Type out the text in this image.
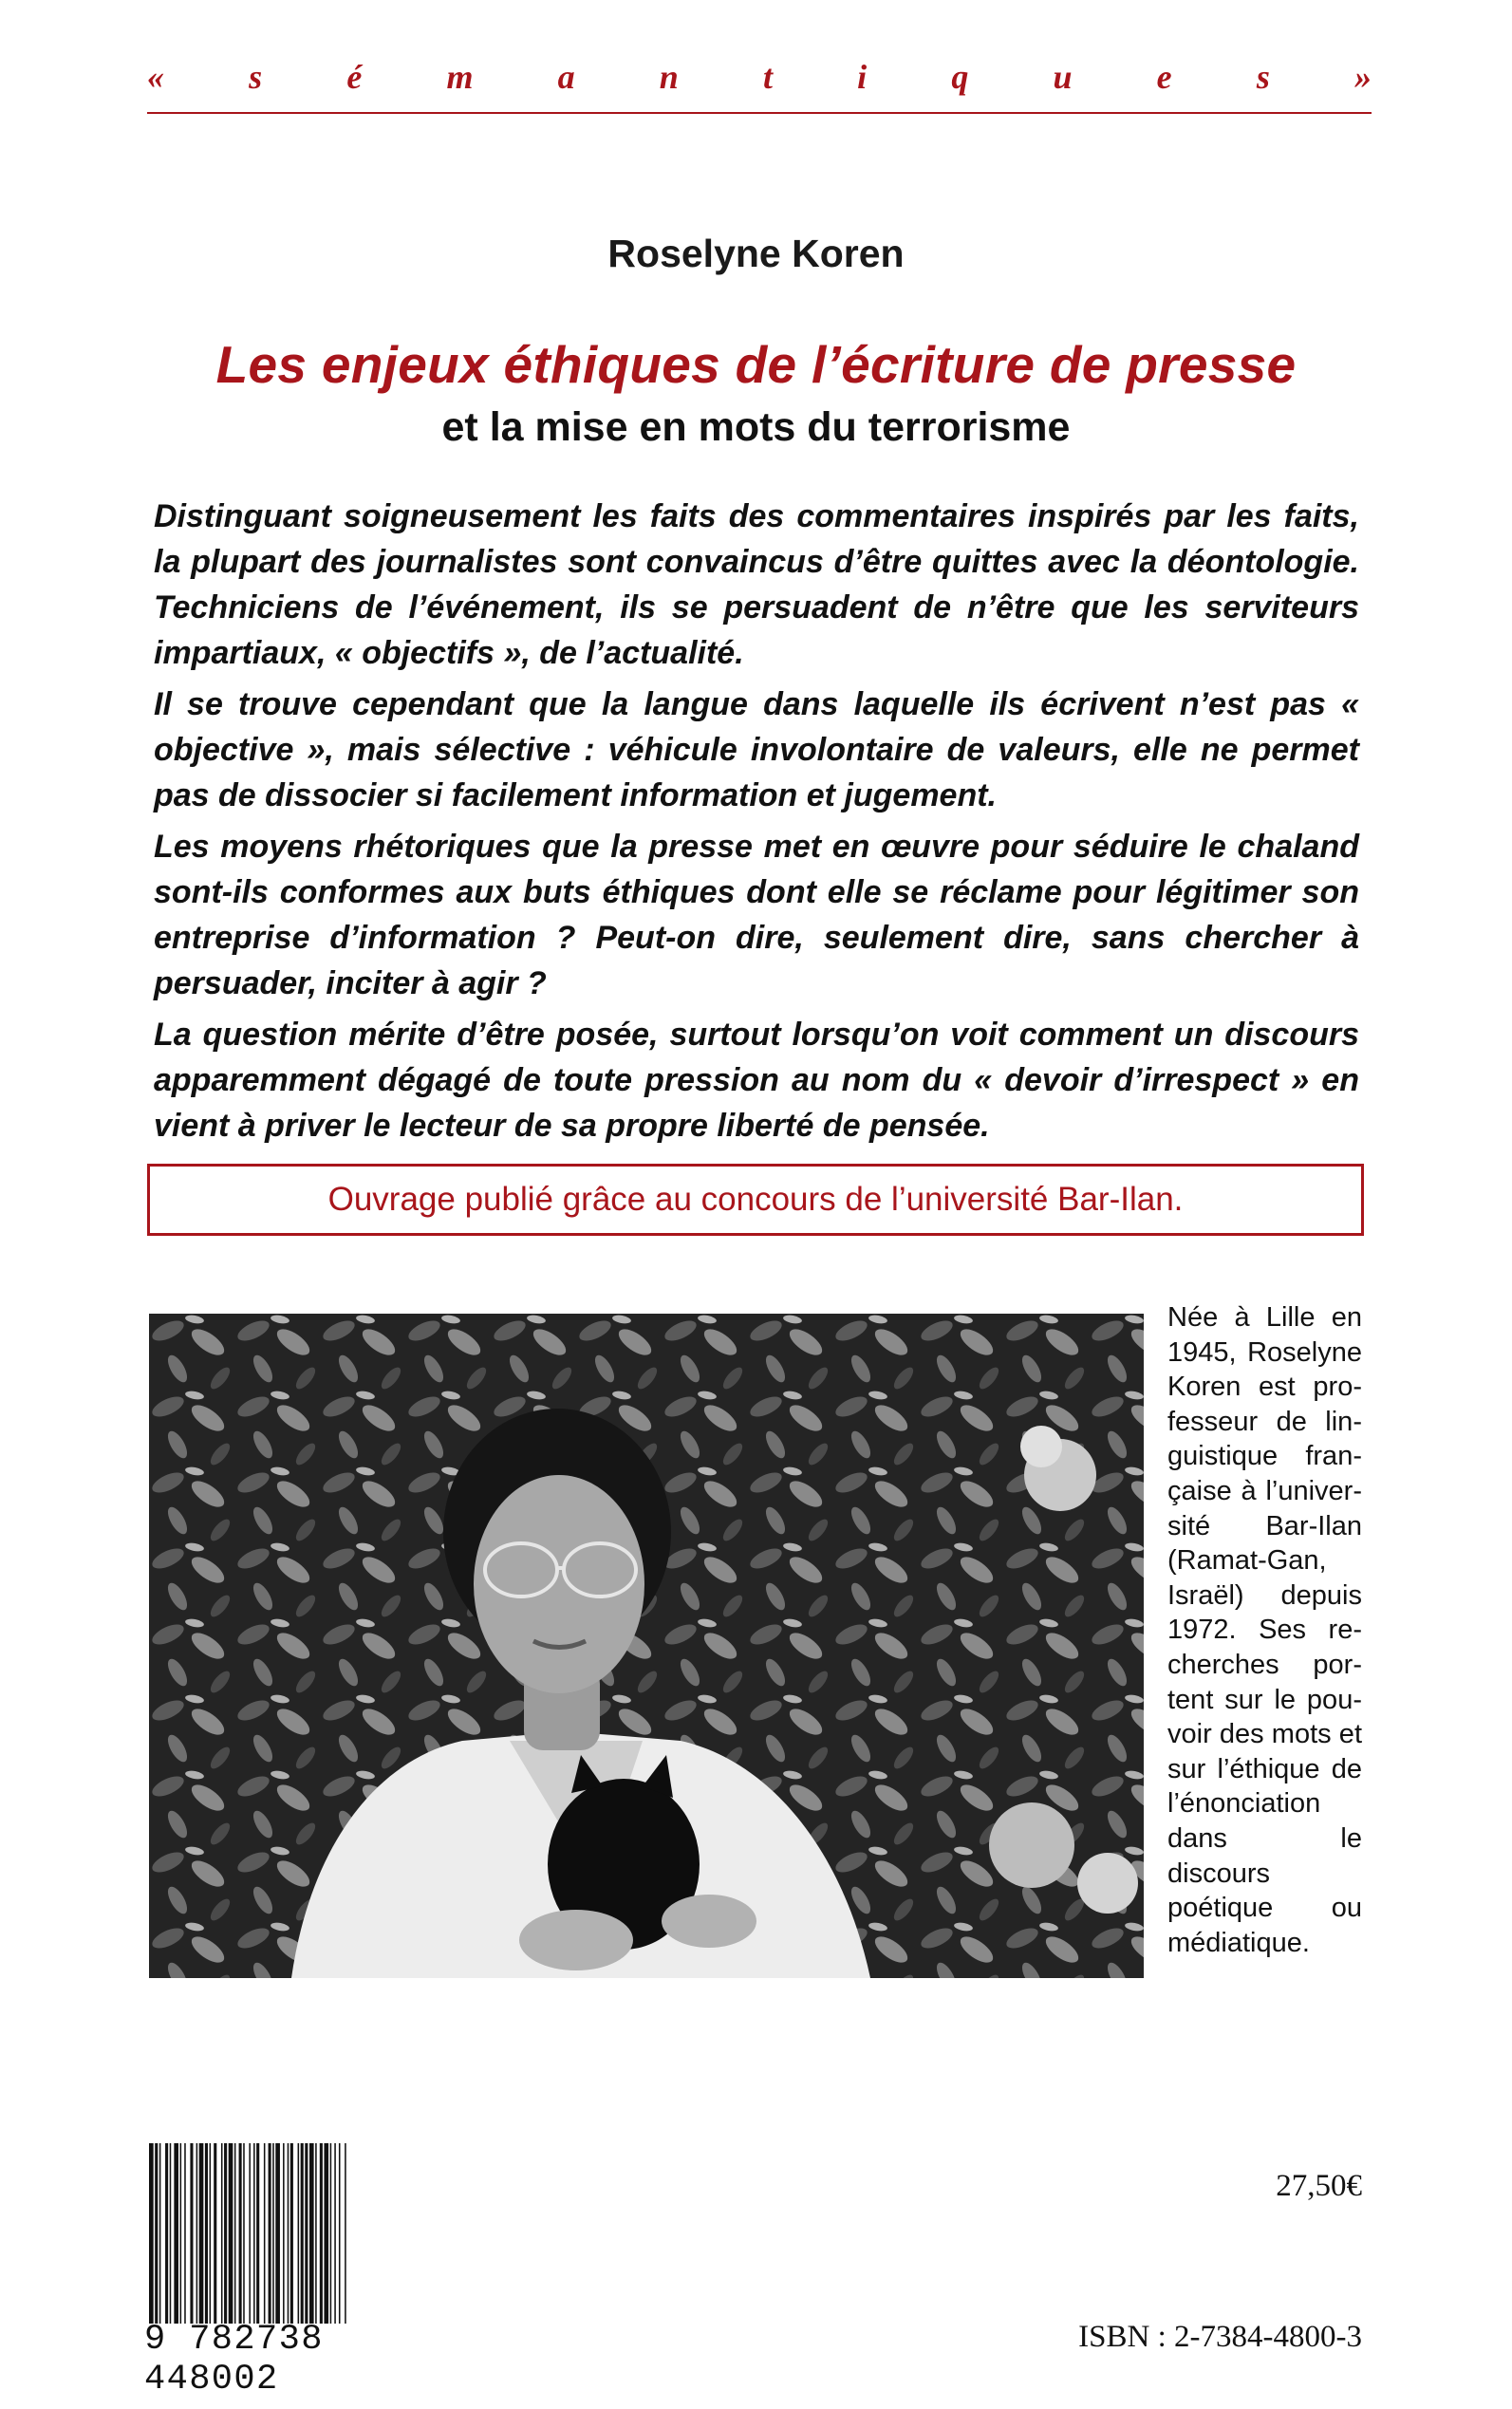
« s é m a n t i q u e s »
Roselyne Koren
Les enjeux éthiques de l’écriture de presse
et la mise en mots du terrorisme

Distinguant soigneusement les faits des commentaires inspirés par les faits, la plupart des journalistes sont convaincus d’être quittes avec la déontologie. Techniciens de l’événement, ils se persuadent de n’être que les serviteurs impartiaux, « objectifs », de l’actualité.

Il se trouve cependant que la langue dans laquelle ils écrivent n’est pas « objective », mais sélective : véhicule involontaire de valeurs, elle ne permet pas de dissocier si facilement information et jugement.

Les moyens rhétoriques que la presse met en œuvre pour séduire le chaland sont-ils conformes aux buts éthiques dont elle se réclame pour légitimer son entreprise d’information ? Peut-on dire, seulement dire, sans chercher à persuader, inciter à agir ?

La question mérite d’être posée, surtout lorsqu’on voit comment un discours apparemment dégagé de toute pression au nom du « devoir d’irrespect » en vient à priver le lecteur de sa propre liberté de pensée.

Ouvrage publié grâce au concours de l’université Bar-Ilan.
Née à Lille en 1945, Roselyne Koren est professeur de linguistique française à l’université Bar-Ilan (Ramat-Gan, Israël) depuis 1972. Ses recherches portent sur le pouvoir des mots et sur l’éthique de l’énonciation dans le discours poétique ou médiatique.
9 782738 448002
27,50€
ISBN : 2-7384-4800-3
